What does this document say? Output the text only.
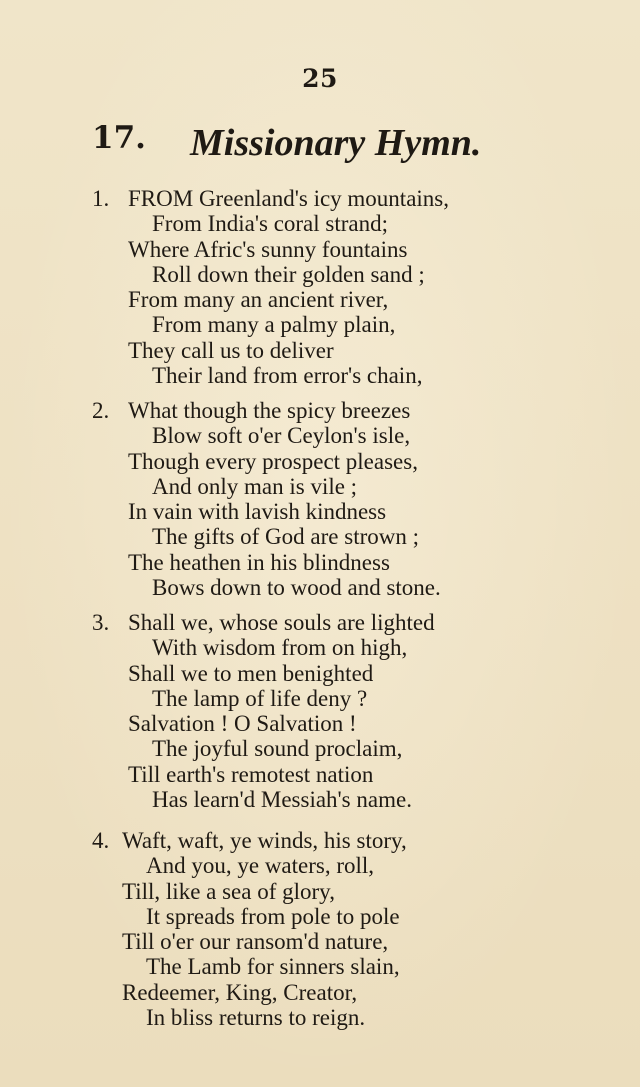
25
17. Missionary Hymn.
1. FROM Greenland's icy mountains,
From India's coral strand;
Where Afric's sunny fountains
Roll down their golden sand ;
From many an ancient river,
From many a palmy plain,
They call us to deliver
Their land from error's chain,
2. What though the spicy breezes
Blow soft o'er Ceylon's isle,
Though every prospect pleases,
And only man is vile ;
In vain with lavish kindness
The gifts of God are strown ;
The heathen in his blindness
Bows down to wood and stone.
3. Shall we, whose souls are lighted
With wisdom from on high,
Shall we to men benighted
The lamp of life deny ?
Salvation ! O Salvation !
The joyful sound proclaim,
Till earth's remotest nation
Has learn'd Messiah's name.
4. Waft, waft, ye winds, his story,
And you, ye waters, roll,
Till, like a sea of glory,
It spreads from pole to pole
Till o'er our ransom'd nature,
The Lamb for sinners slain,
Redeemer, King, Creator,
In bliss returns to reign.
